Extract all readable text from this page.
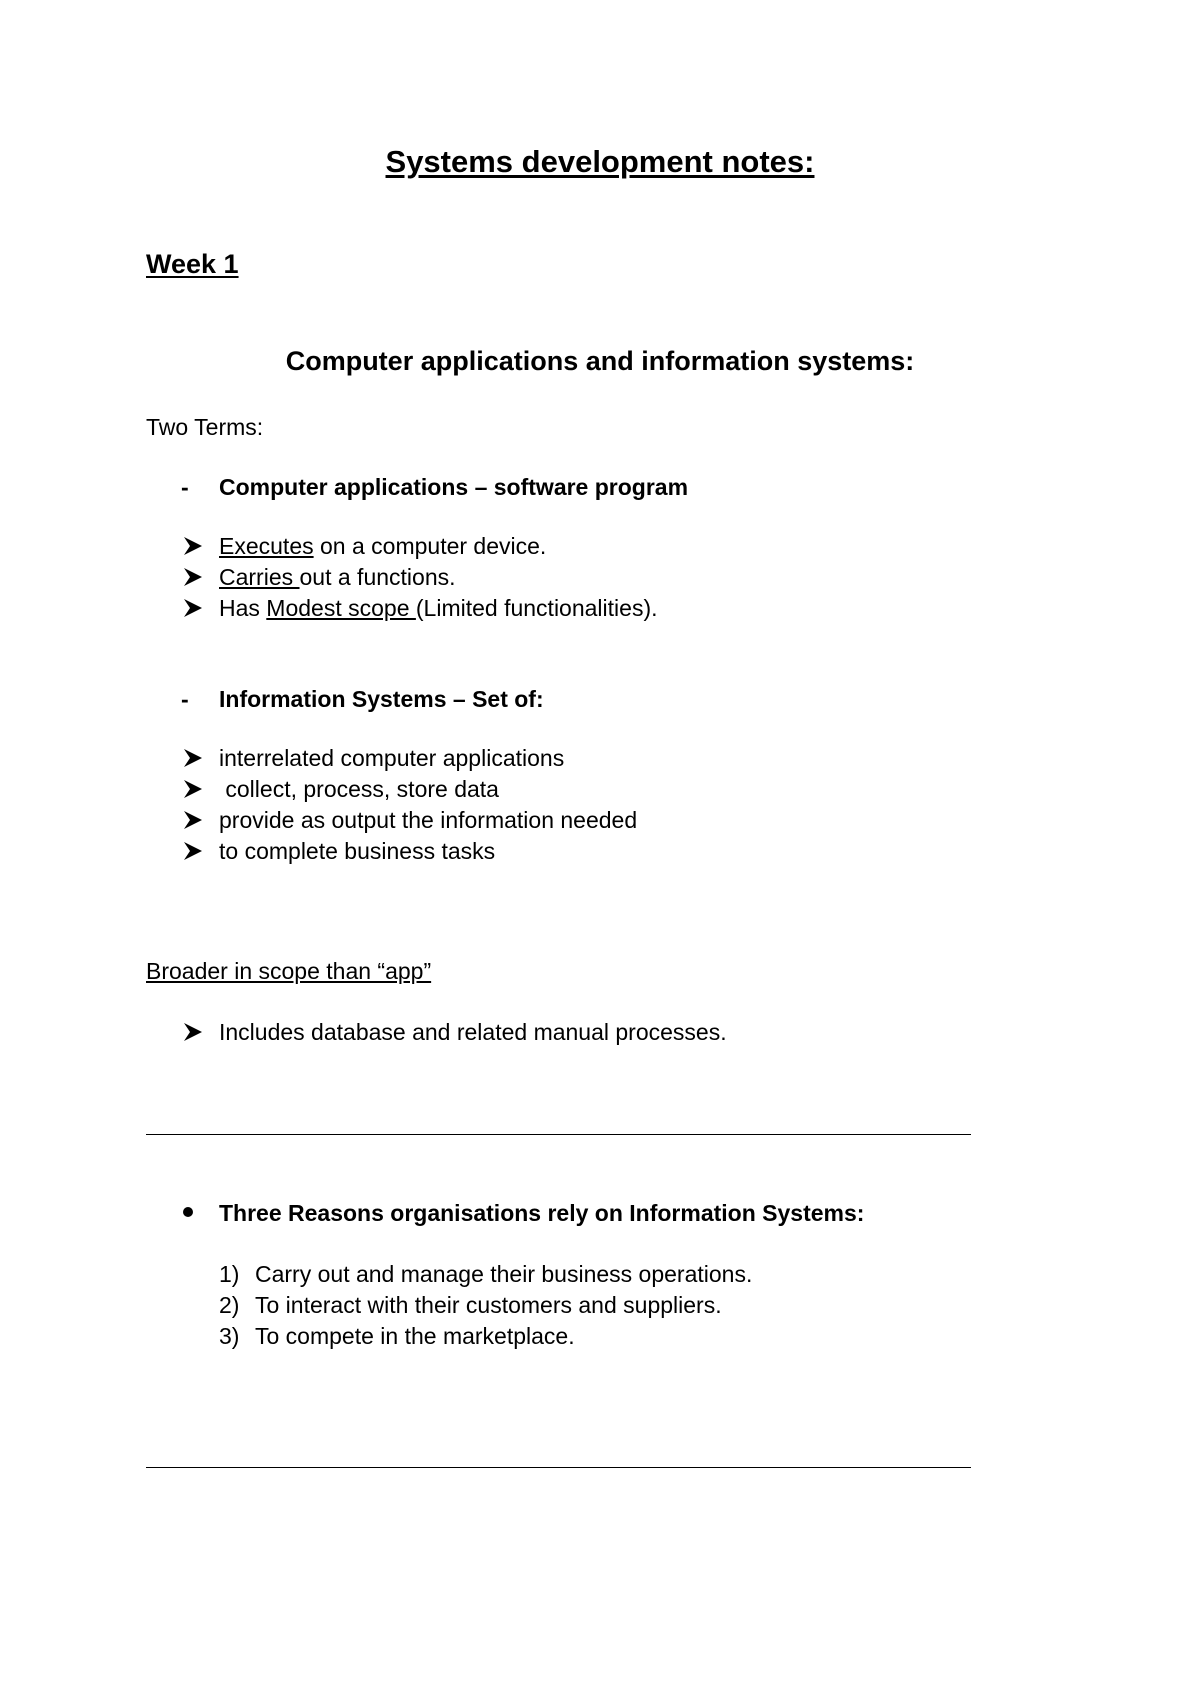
Systems development notes:
Week 1
Computer applications and information systems:
Two Terms:
- Computer applications – software program
Executes on a computer device.
Carries out a functions.
Has Modest scope (Limited functionalities).
- Information Systems – Set of:
interrelated computer applications
collect, process, store data
provide as output the information needed
to complete business tasks
Broader in scope than “app”
Includes database and related manual processes.
Three Reasons organisations rely on Information Systems:
1) Carry out and manage their business operations.
2) To interact with their customers and suppliers.
3) To compete in the marketplace.
